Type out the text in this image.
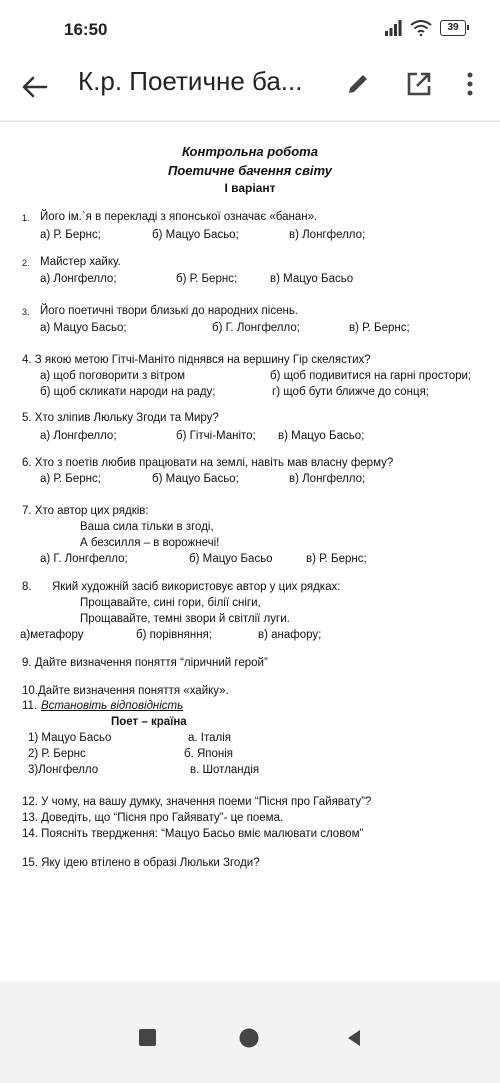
16:50	39
К.р. Поетичне ба...
Контрольна робота
Поетичне бачення світу
І варіант
1. Його ім.`я в перекладі з японської означає «банан».
а) Р. Бернс;	б) Мацуо Басьо;	в) Лонгфелло;
2. Майстер хайку.
а) Лонгфелло;	б) Р. Бернс;	в) Мацуо Басьо
3. Його поетичні твори близькі до народних пісень.
а) Мацуо Басьо;	б) Г. Лонгфелло;	в) Р. Бернс;
4. З якою метою Гітчі-Маніто піднявся на вершину Гір скелястих?
а) щоб поговорити з вітром	б) щоб подивитися на гарні простори;
б) щоб скликати народи на раду;	г) щоб бути ближче до сонця;
5. Хто зліпив Люльку Згоди та Миру?
а) Лонгфелло;	б) Гітчі-Маніто; в) Мацуо Басьо;
6. Хто з поетів любив працювати на землі, навіть мав власну ферму?
а) Р. Бернс;	б) Мацуо Басьо;	в) Лонгфелло;
7. Хто автор цих рядків:
Ваша сила тільки в згоді,
А безсилля – в ворожнечі!
а) Г. Лонгфелло;	б) Мацуо Басьо	в) Р. Бернс;
8. Який художній засіб використовує автор у цих рядках:
Прощавайте, сині гори, білії сніги,
Прощавайте, темні звори й світлії луги.
а)метафору	б) порівняння;	в) анафору;
9. Дайте визначення поняття “ліричний герой”
10.Дайте визначення поняття «хайку».
11. Встановіть відповідність
Поет – країна
1) Мацуо Басьо	а. Італія
2) Р. Бернс	б. Японія
3)Лонгфелло	в. Шотландія
12. У чому, на вашу думку, значення поеми “Пісня про Гайявату”?
13. Доведіть, що “Пісня про Гайявату”- це поема.
14. Поясніть твердження: “Мацуо Басьо вміє малювати словом”
15. Яку ідею втілено в образі Люльки Згоди?
